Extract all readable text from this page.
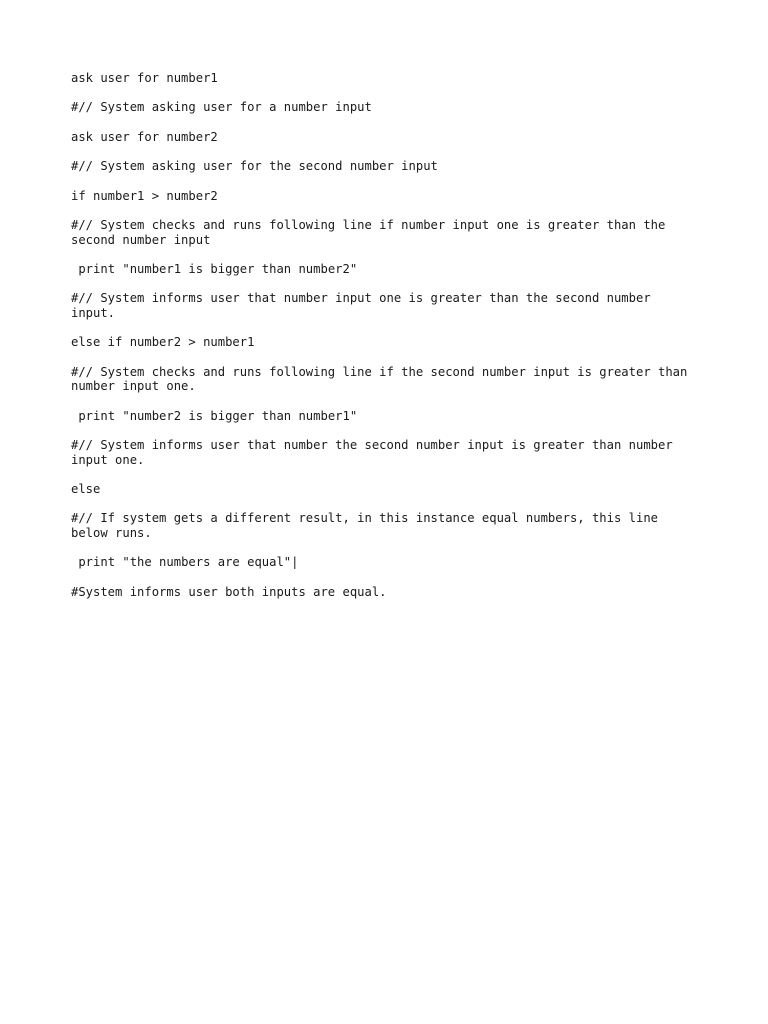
ask user for number1

#// System asking user for a number input

ask user for number2

#// System asking user for the second number input

if number1 > number2

#// System checks and runs following line if number input one is greater than the second number input

print "number1 is bigger than number2"

#// System informs user that number input one is greater than the second number input.

else if number2 > number1

#// System checks and runs following line if the second number input is greater than number input one.

print "number2 is bigger than number1"

#// System informs user that number the second number input is greater than number input one.

else

#// If system gets a different result, in this instance equal numbers, this line below runs.

print "the numbers are equal"|

#System informs user both inputs are equal.
